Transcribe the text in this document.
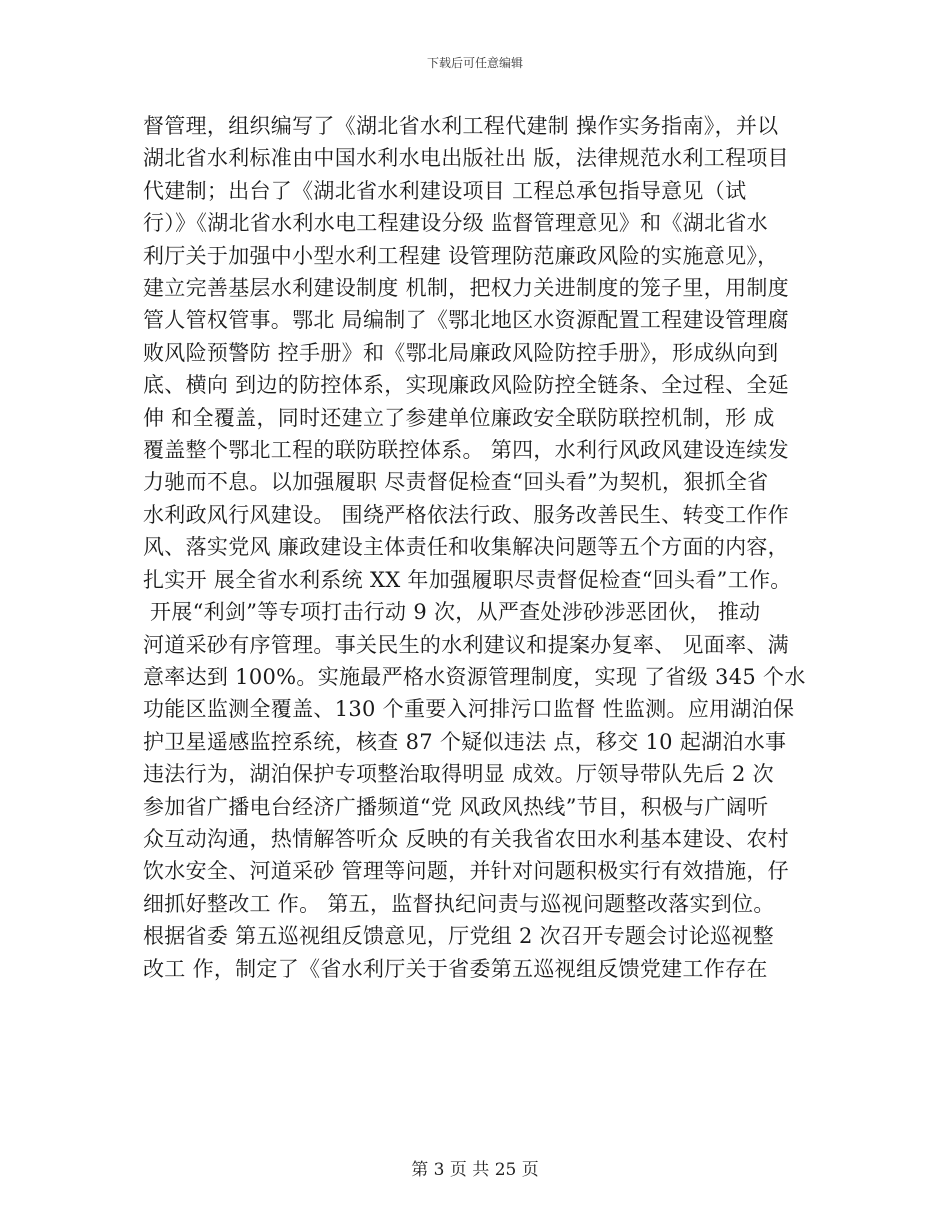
下载后可任意编辑
督管理，组织编写了《湖北省水利工程代建制 操作实务指南》，并以
湖北省水利标准由中国水利水电出版社出 版，法律规范水利工程项目
代建制；出台了《湖北省水利建设项目 工程总承包指导意见（试
行）》《湖北省水利水电工程建设分级 监督管理意见》和《湖北省水
利厅关于加强中小型水利工程建 设管理防范廉政风险的实施意见》，
建立完善基层水利建设制度 机制，把权力关进制度的笼子里，用制度
管人管权管事。鄂北 局编制了《鄂北地区水资源配置工程建设管理腐
败风险预警防 控手册》和《鄂北局廉政风险防控手册》，形成纵向到
底、横向 到边的防控体系，实现廉政风险防控全链条、全过程、全延
伸 和全覆盖，同时还建立了参建单位廉政安全联防联控机制，形 成
覆盖整个鄂北工程的联防联控体系。 第四，水利行风政风建设连续发
力驰而不息。以加强履职 尽责督促检查“回头看”为契机，狠抓全省
水利政风行风建设。 围绕严格依法行政、服务改善民生、转变工作作
风、落实党风 廉政建设主体责任和收集解决问题等五个方面的内容，
扎实开 展全省水利系统 XX 年加强履职尽责督促检查“回头看”工作。
开展“利剑”等专项打击行动 9 次，从严查处涉砂涉恶团伙， 推动
河道采砂有序管理。事关民生的水利建议和提案办复率、 见面率、满
意率达到 100%。实施最严格水资源管理制度，实现 了省级 345 个水
功能区监测全覆盖、130 个重要入河排污口监督 性监测。应用湖泊保
护卫星遥感监控系统，核查 87 个疑似违法 点，移交 10 起湖泊水事
违法行为，湖泊保护专项整治取得明显 成效。厅领导带队先后 2 次
参加省广播电台经济广播频道“党 风政风热线”节目，积极与广阔听
众互动沟通，热情解答听众 反映的有关我省农田水利基本建设、农村
饮水安全、河道采砂 管理等问题，并针对问题积极实行有效措施，仔
细抓好整改工 作。 第五，监督执纪问责与巡视问题整改落实到位。
根据省委 第五巡视组反馈意见，厅党组 2 次召开专题会讨论巡视整
改工 作，制定了《省水利厅关于省委第五巡视组反馈党建工作存在
第 3 页 共 25 页
